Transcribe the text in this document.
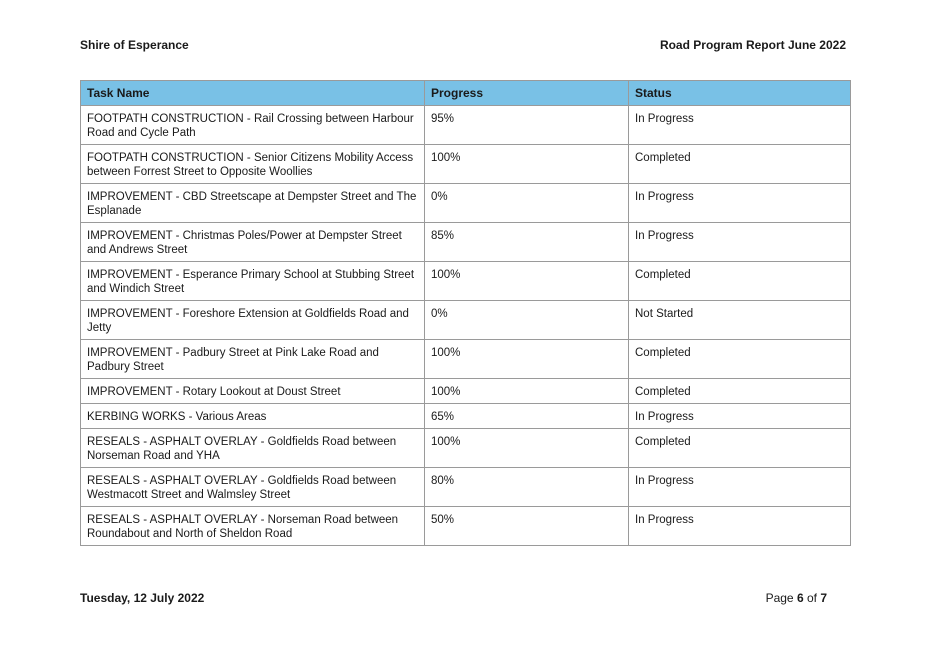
Shire of Esperance	Road Program Report June 2022
Task Name	Progress	Status
FOOTPATH CONSTRUCTION - Rail Crossing between Harbour Road and Cycle Path	95%	In Progress
FOOTPATH CONSTRUCTION - Senior Citizens Mobility Access between Forrest Street to Opposite Woollies	100%	Completed
IMPROVEMENT - CBD Streetscape at Dempster Street and The Esplanade	0%	In Progress
IMPROVEMENT - Christmas Poles/Power at Dempster Street and Andrews Street	85%	In Progress
IMPROVEMENT - Esperance Primary School at Stubbing Street and Windich Street	100%	Completed
IMPROVEMENT - Foreshore Extension at Goldfields Road and Jetty	0%	Not Started
IMPROVEMENT - Padbury Street at Pink Lake Road and Padbury Street	100%	Completed
IMPROVEMENT - Rotary Lookout at Doust Street	100%	Completed
KERBING WORKS - Various Areas	65%	In Progress
RESEALS - ASPHALT OVERLAY - Goldfields Road between Norseman Road and YHA	100%	Completed
RESEALS - ASPHALT OVERLAY - Goldfields Road between Westmacott Street and Walmsley Street	80%	In Progress
RESEALS - ASPHALT OVERLAY - Norseman Road between Roundabout and North of Sheldon Road	50%	In Progress
Tuesday, 12 July 2022	Page 6 of 7
